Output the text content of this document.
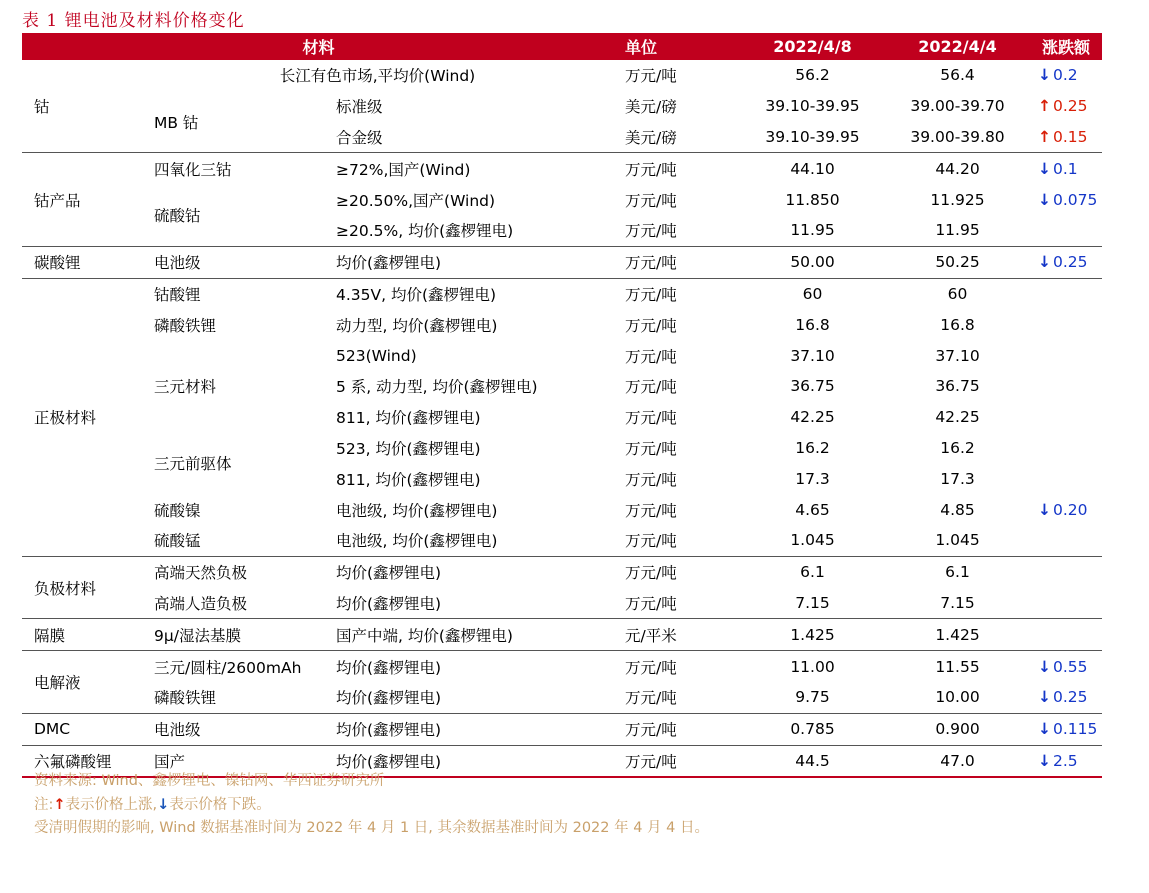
表 1 锂电池及材料价格变化
材料			单位	2022/4/8	2022/4/4	涨跌额
钴	长江有色市场,平均价(Wind)		万元/吨	56.2	56.4	↓ 0.2
	MB 钴	标准级	美元/磅	39.10-39.95	39.00-39.70	↑ 0.25
		合金级	美元/磅	39.10-39.95	39.00-39.80	↑ 0.15
钴产品	四氧化三钴	≥72%,国产(Wind)	万元/吨	44.10	44.20	↓ 0.1
	硫酸钴	≥20.50%,国产(Wind)	万元/吨	11.850	11.925	↓ 0.075
		≥20.5%, 均价(鑫椤锂电)	万元/吨	11.95	11.95	
碳酸锂	电池级	均价(鑫椤锂电)	万元/吨	50.00	50.25	↓ 0.25
正极材料	钴酸锂	4.35V, 均价(鑫椤锂电)	万元/吨	60	60	
	磷酸铁锂	动力型, 均价(鑫椤锂电)	万元/吨	16.8	16.8	
	三元材料	523(Wind)	万元/吨	37.10	37.10	
		5 系, 动力型, 均价(鑫椤锂电)	万元/吨	36.75	36.75	
		811, 均价(鑫椤锂电)	万元/吨	42.25	42.25	
	三元前驱体	523, 均价(鑫椤锂电)	万元/吨	16.2	16.2	
		811, 均价(鑫椤锂电)	万元/吨	17.3	17.3	
	硫酸镍	电池级, 均价(鑫椤锂电)	万元/吨	4.65	4.85	↓ 0.20
	硫酸锰	电池级, 均价(鑫椤锂电)	万元/吨	1.045	1.045	
负极材料	高端天然负极	均价(鑫椤锂电)	万元/吨	6.1	6.1	
	高端人造负极	均价(鑫椤锂电)	万元/吨	7.15	7.15	
隔膜	9μ/湿法基膜	国产中端, 均价(鑫椤锂电)	元/平米	1.425	1.425	
电解液	三元/圆柱/2600mAh	均价(鑫椤锂电)	万元/吨	11.00	11.55	↓ 0.55
	磷酸铁锂	均价(鑫椤锂电)	万元/吨	9.75	10.00	↓ 0.25
DMC	电池级	均价(鑫椤锂电)	万元/吨	0.785	0.900	↓ 0.115
六氟磷酸锂	国产	均价(鑫椤锂电)	万元/吨	44.5	47.0	↓ 2.5
资料来源: Wind、鑫椤锂电、镍钴网、华西证券研究所
注:↑表示价格上涨,↓表示价格下跌。
受清明假期的影响, Wind 数据基准时间为 2022 年 4 月 1 日, 其余数据基准时间为 2022 年 4 月 4 日。
